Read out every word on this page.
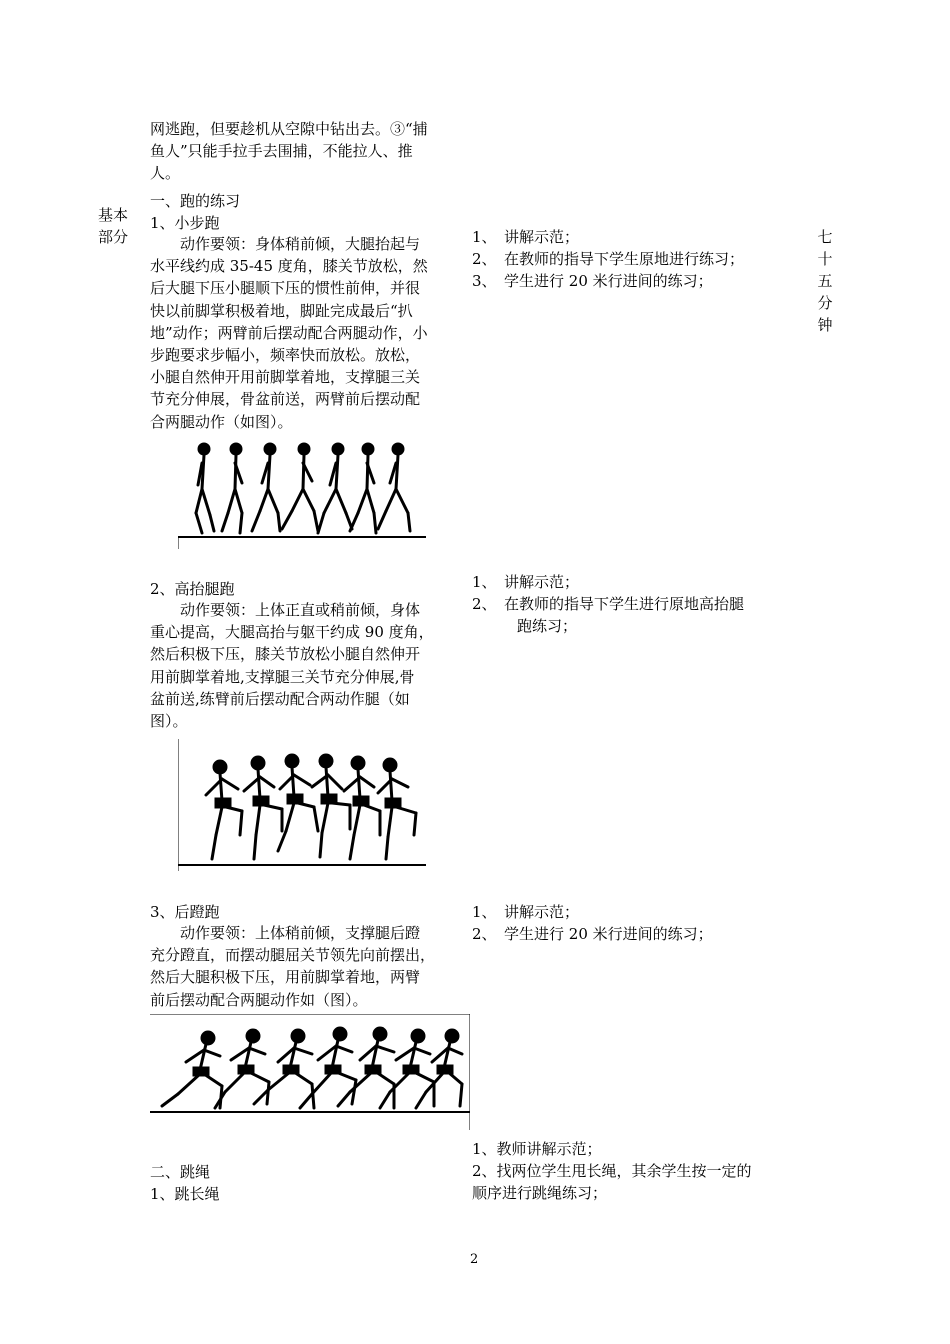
网逃跑，但要趁机从空隙中钻出去。③“捕
鱼人”只能手拉手去围捕，不能拉人、推
人。
基本
部分	七
十
五
分
钟
一、跑的练习
1、小步跑
　　动作要领：身体稍前倾，大腿抬起与
水平线约成 35-45 度角，膝关节放松，然
后大腿下压小腿顺下压的惯性前伸，并很
快以前脚掌积极着地，脚趾完成最后“扒
地”动作；两臂前后摆动配合两腿动作，小
步跑要求步幅小，频率快而放松。放松，
小腿自然伸开用前脚掌着地，支撑腿三关
节充分伸展，骨盆前送，两臂前后摆动配
合两腿动作（如图）。
1、　讲解示范；
2、　在教师的指导下学生原地进行练习；
3、　学生进行 20 米行进间的练习；
2、高抬腿跑
　　动作要领：上体正直或稍前倾，身体
重心提高，大腿高抬与躯干约成 90 度角，
然后积极下压，膝关节放松小腿自然伸开
用前脚掌着地,支撑腿三关节充分伸展,骨
盆前送,练臂前后摆动配合两动作腿（如
图）。
1、　讲解示范；
2、　在教师的指导下学生进行原地高抬腿
　　　跑练习；
3、后蹬跑
　　动作要领：上体稍前倾，支撑腿后蹬
充分蹬直，而摆动腿屈关节领先向前摆出，
然后大腿积极下压，用前脚掌着地，两臂
前后摆动配合两腿动作如（图）。
1、　讲解示范；
2、　学生进行 20 米行进间的练习；
1、教师讲解示范；
2、找两位学生甩长绳，其余学生按一定的
顺序进行跳绳练习；
二、跳绳
1、跳长绳
2
